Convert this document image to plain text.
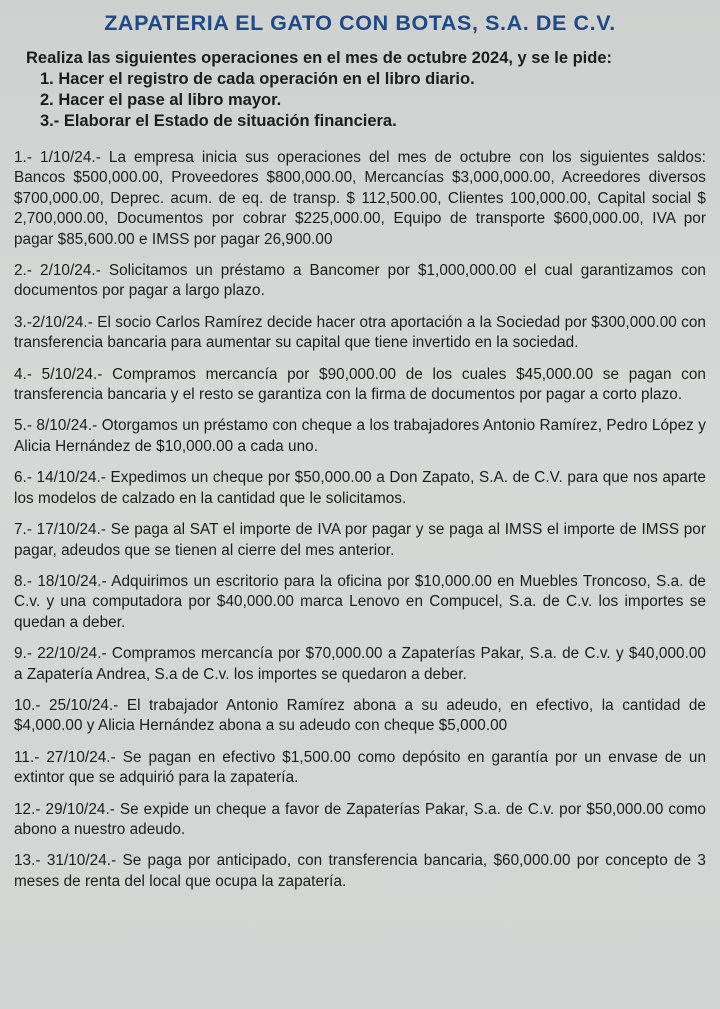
ZAPATERIA EL GATO CON BOTAS, S.A. DE C.V.

Realiza las siguientes operaciones en el mes de octubre 2024, y se le pide:

1. Hacer el registro de cada operación en el libro diario.

2. Hacer el pase al libro mayor.

3.- Elaborar el Estado de situación financiera.

1.- 1/10/24.- La empresa inicia sus operaciones del mes de octubre con los siguientes saldos: Bancos $500,000.00, Proveedores $800,000.00, Mercancías $3,000,000.00, Acreedores diversos $700,000.00, Deprec. acum. de eq. de transp. $ 112,500.00, Clientes 100,000.00, Capital social $ 2,700,000.00, Documentos por cobrar $225,000.00, Equipo de transporte $600,000.00, IVA por pagar $85,600.00 e IMSS por pagar 26,900.00

2.- 2/10/24.- Solicitamos un préstamo a Bancomer por $1,000,000.00 el cual garantizamos con documentos por pagar a largo plazo.

3.-2/10/24.- El socio Carlos Ramírez decide hacer otra aportación a la Sociedad por $300,000.00 con transferencia bancaria para aumentar su capital que tiene invertido en la sociedad.

4.- 5/10/24.- Compramos mercancía por $90,000.00 de los cuales $45,000.00 se pagan con transferencia bancaria y el resto se garantiza con la firma de documentos por pagar a corto plazo.

5.- 8/10/24.- Otorgamos un préstamo con cheque a los trabajadores Antonio Ramírez, Pedro López y Alicia Hernández de $10,000.00 a cada uno.

6.- 14/10/24.- Expedimos un cheque por $50,000.00 a Don Zapato, S.A. de C.V. para que nos aparte los modelos de calzado en la cantidad que le solicitamos.

7.- 17/10/24.- Se paga al SAT el importe de IVA por pagar y se paga al IMSS el importe de IMSS por pagar, adeudos que se tienen al cierre del mes anterior.

8.- 18/10/24.- Adquirimos un escritorio para la oficina por $10,000.00 en Muebles Troncoso, S.a. de C.v. y una computadora por $40,000.00 marca Lenovo en Compucel, S.a. de C.v. los importes se quedan a deber.

9.- 22/10/24.- Compramos mercancía por $70,000.00 a Zapaterías Pakar, S.a. de C.v. y $40,000.00 a Zapatería Andrea, S.a de C.v. los importes se quedaron a deber.

10.- 25/10/24.- El trabajador Antonio Ramírez abona a su adeudo, en efectivo, la cantidad de $4,000.00 y Alicia Hernández abona a su adeudo con cheque $5,000.00

11.- 27/10/24.- Se pagan en efectivo $1,500.00 como depósito en garantía por un envase de un extintor que se adquirió para la zapatería.

12.- 29/10/24.- Se expide un cheque a favor de Zapaterías Pakar, S.a. de C.v. por $50,000.00 como abono a nuestro adeudo.

13.- 31/10/24.- Se paga por anticipado, con transferencia bancaria, $60,000.00 por concepto de 3 meses de renta del local que ocupa la zapatería.
